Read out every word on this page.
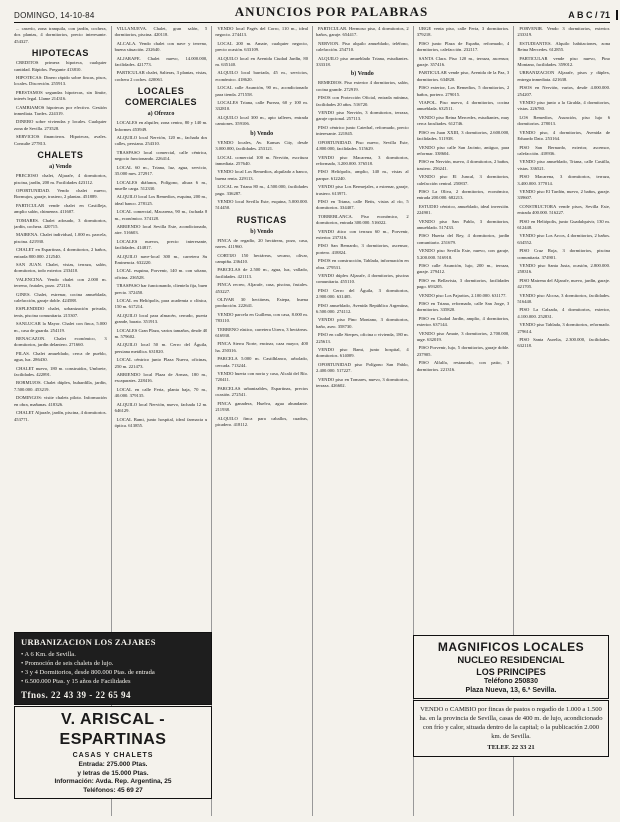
DOMINGO, 14-10-84	ANUNCIOS POR PALABRAS	A B C / 71
... caserío, zona tranquila, con jardín, cochera, dos plantas, 4 dormitorios, precio interesante. 454327.
HIPOTECAS
CREDITOS primera hipoteca, cualquier cantidad. Rápidos. Pregunte 413810.
HIPOTECAS: Dinero rápido sobre fincas, pisos, locales. Discreción. 255913.
PRESTAMOS segundas hipotecas, sin límite, interés legal. Llame 214316.
CAMBIAMOS hipotecas por efectivo. Gestión inmediata. Tardes. 224319.
DINERO sobre viviendas y locales. Cualquier zona de Sevilla. 273528.
SERVICIOS financieros. Hipotecas, avales. Consulte 277813.
CHALETS
a) Vendo
PRECIOSO chalet, Aljarafe, 4 dormitorios, piscina, jardín, 200 m. Facilidades 423112.
OPORTUNIDAD. Vendo chalet nuevo, Bormujos, garaje, trastero, 2 plantas. 451889.
PARTICULAR vende chalet en Castilleja, amplio salón, chimenea. 411607.
TOMARES. Chalet adosado, 3 dormitorios, jardín, cochera. 420715.
MAIRENA. Chalet individual, 1.000 m. parcela, piscina. 421930.
CHALET en Espartinas, 4 dormitorios, 2 baños, entrada 800.000. 212540.
SAN JUAN. Chalet, vistas, terraza, salón, dormitorios, todo exterior. 233410.
VALENCINA. Vendo chalet con 2.000 m. terreno, frutales, pozo. 272116.
GINES. Chalet, estrenar, cocina amueblada, calefacción, garaje doble. 424588.
ESPLENDIDO chalet, urbanización privada, tenis, piscina comunitaria. 215307.
SANLUCAR la Mayor. Chalet con finca, 5.000 m., casa de guarda. 254119.
BENACAZON. Chalet económico, 3 dormitorios, jardín delantero. 271660.
PILAS. Chalet amueblado, cerca de pueblo, agua, luz. 286430.
CHALET nuevo, 180 m. construidos, Umbrete, facilidades. 422891.
BORMUJOS. Chalet dúplex, buhardilla, jardín, 7.500.000. 453219.
DOMINGOS: visite chalets piloto. Información en obra, mañanas. 418326.
CHALET Aljarafe, jardín, piscina, 4 dormitorios. 453771.
VILLANUEVA. Chalet, gran salón, 5 dormitorios, piscina. 420118.
ALCALA. Vendo chalet con nave y terreno, buena situación. 232640.
ALJARAFE. Chalet nuevo, 14.000.000, facilidades. 421773.
PARTICULAR chalet, Salteras, 3 plantas, vistas, cochera 2 coches. 420061.
LOCALES COMERCIALES
a) Ofrezco
LOCALES en alquiler, zona centro, 80 y 140 m. Informes 453949.
ALQUILO local Nervión, 120 m., fachada dos calles, persiana. 254310.
TRASPASO local comercial, calle céntrica, negocio funcionando. 226414.
LOCAL 60 m., Triana, luz, agua, servicio, 35.000 mes. 272917.
LOCALES diáfanos, Polígono, altura 6 m., muelle carga. 512330.
ALQUILO local Los Remedios, esquina, 200 m., ideal banco. 278125.
LOCAL comercial, Macarena, 90 m., fachada 8 m., económico. 374128.
ARRIENDO local Sevilla Este, acondicionado, aire. 516603.
LOCALES nuevos, precio interesante, facilidades. 414817.
ALQUILO nave-local 300 m., carretera Su Eminencia. 632220.
LOCAL esquina, Porvenir, 140 m. con sótano, oficina. 236528.
TRASPASO bar funcionando, clientela fija, buen precio. 372450.
LOCAL en Heliópolis, para academia o clínica, 150 m. 617214.
ALQUILO local para almacén, cerrado, puerta grande, barato. 351913.
LOCALES Gran Plaza, varios tamaños, desde 40 m. 579602.
ALQUILO local 50 m. Cerro del Águila, persiana metálica. 631820.
LOCAL céntrico junto Plaza Nueva, oficinas, 250 m. 221473.
ARRIENDO local Plaza de Armas, 180 m., escaparates. 228416.
LOCAL en calle Feria, planta baja, 70 m., 40.000. 379135.
ALQUILO local Nervión, nuevo, fachada 12 m. 646129.
LOCAL Bami, junto hospital, ideal farmacia u óptica. 613855.
VENDO local Pagés del Corro, 110 m., ideal negocio. 274413.
LOCAL 200 m. Amate, cualquier negocio, precio ocasión. 633109.
ALQUILO local en Avenida Ciudad Jardín, 80 m. 635140.
ALQUILO local barriada, 45 m., servicios, económico. 418620.
LOCAL calle Asunción, 90 m., acondicionado para tienda. 271558.
LOCALES Triana, calle Pureza, 60 y 100 m. 332810.
ALQUILO local 300 m., apto talleres, entrada camiones. 359106.
b) Vendo
VENDO locales, Av. Kansas City, desde 3.000.000, facilidades. 253121.
LOCAL comercial 100 m. Nervión, escritura inmediata. 257640.
VENDO local Los Remedios, alquilado a banco, buena renta. 229113.
LOCAL en Triana 80 m., 4.500.000, facilidades pago. 336287.
VENDO local Sevilla Este, esquina, 5.000.000. 514450.
RUSTICAS
b) Vendo
FINCA de regadío, 20 hectáreas, pozo, casa, naves. 411960.
CORTIJO 150 hectáreas, secano, olivar, campiña. 236410.
PARCELAS de 2.500 m., agua, luz, vallado, facilidades. 421113.
FINCA recreo, Aljarafe, casa, piscina, frutales. 453227.
OLIVAR 30 hectáreas, Estepa, buena producción. 222641.
VENDO parcela en Guillena, con casa, 8.000 m. 783110.
TERRENO rústico, carretera Utrera, 3 hectáreas. 616930.
FINCA Sierra Norte, encinar, caza mayor, 400 ha. 250316.
PARCELA 5.000 m. Castilblanco, arbolado, cercada. 713244.
VENDO huerta con noria y casa, Alcalá del Río. 720411.
PARCELAS urbanizables, Espartinas, precios ocasión. 272541.
FINCA ganadera, Huelva, agua abundante. 211938.
ALQUILO finca para caballos, cuadras, picadero. 418112.
PARTICULAR. Hermoso piso, 4 dormitorios, 2 baños, garaje. 654417.
NERVION. Piso alquilo amueblado, teléfono, calefacción. 254710.
ALQUILO piso amueblado Triana, estudiantes. 333318.
b) Vendo
REMEDIOS. Piso exterior 4 dormitorios, salón, cocina grande. 272919.
PISOS con Protección Oficial, entrada mínima, facilidades 20 años. 516720.
VENDO piso Nervión, 3 dormitorios, terraza, garaje opcional. 257113.
PISO céntrico junto Catedral, reformado, precio interesante. 221845.
OPORTUNIDAD. Piso nuevo, Sevilla Este, 4.800.000, facilidades. 515629.
VENDO piso Macarena, 3 dormitorios, reformado, 3.200.000. 376518.
PISO Heliópolis, amplio, 140 m., vistas al parque. 612240.
VENDO piso Los Bermejales, a estrenar, garaje, trastero. 613971.
PISO en Triana, calle Betis, vistas al río, 5 dormitorios. 334407.
TORREBLANCA. Piso económico, 2 dormitorios, entrada 300.000. 516022.
VENDO ático con terraza 60 m., Porvenir, exterior. 237316.
PISO San Bernardo, 3 dormitorios, ascensor, portero. 418824.
PISOS en construcción, Tablada, información en obra. 279531.
VENDO dúplex Aljarafe, 4 dormitorios, piscina comunitaria. 455110.
PISO Cerro del Águila, 3 dormitorios, 2.900.000. 631405.
PISO amueblado, Avenida República Argentina, 6.500.000. 274112.
VENDO piso Pino Montano, 3 dormitorios, baño, aseo. 358730.
PISO en calle Sierpes, oficina o vivienda, 180 m. 225613.
VENDO piso Bami, junto hospital, 4 dormitorios. 614009.
OPORTUNIDAD piso Polígono San Pablo, 2.400.000. 517227.
VENDO piso en Tomares, nuevo, 3 dormitorios, terraza. 426602.
URGE venta piso, calle Feria, 3 dormitorios. 379218.
PISO junto Plaza de España, reformado, 4 dormitorios, calefacción. 232117.
SANTA Clara. Piso 120 m., terraza, ascensor, garaje. 357416.
PARTICULAR vende piso, Avenida de la Paz, 3 dormitorios. 634820.
PISO exterior, Los Remedios, 5 dormitorios, 2 baños, portero. 279015.
VIAPOL. Piso nuevo, 4 dormitorios, cocina amueblada. 632511.
VENDO piso Reina Mercedes, estudiantes, muy cerca facultades. 612746.
PISO en Juan XXIII, 3 dormitorios, 2.600.000, facilidades. 511938.
VENDO piso calle San Jacinto, antiguo, para reformar. 338604.
PISO en Nervión, nuevo, 4 dormitorios, 2 baños, trastero. 256241.
VENDO piso El Juncal, 3 dormitorios, calefacción central. 250837.
PISO La Oliva, 2 dormitorios, económico, entrada 200.000. 682213.
ESTUDIO céntrico, amueblado, ideal inversión. 224901.
VENDO piso San Pablo, 3 dormitorios, amueblado. 517433.
PISO Huerta del Rey, 4 dormitorios, jardín comunitario. 251679.
VENDO piso Sevilla Este, nuevo, con garaje, 5.200.000. 516918.
PISO calle Asunción, lujo, 200 m., terraza, garaje. 279412.
PISO en Bellavista, 3 dormitorios, facilidades pago. 693205.
VENDO piso Los Pajaritos, 2.100.000. 631177.
PISO en Triana, reformado, calle San Jorge, 3 dormitorios. 335820.
PISO en Ciudad Jardín, amplio, 4 dormitorios, exterior. 637144.
VENDO piso Amate, 3 dormitorios, 2.700.000, urge. 632019.
PISO Porvenir, lujo, 5 dormitorios, garaje doble. 237905.
PISO Alfalfa, restaurado, con patio, 3 dormitorios. 221316.
PORVENIR. Vendo 3 dormitorios, exterior. 233319.
ESTUDIANTES. Alquilo habitaciones, zona Reina Mercedes. 612855.
PARTICULAR vende piso nuevo, Pino Montano, facilidades. 359012.
URBANIZACION Aljarafe, pisos y dúplex, entrega inmediata. 421638.
PISOS en Nervión, varios, desde 4.000.000. 254207.
VENDO piso junto a la Giralda, 4 dormitorios, vistas. 226780.
LOS Remedios, Asunción, piso lujo 6 dormitorios. 278013.
VENDO piso, 4 dormitorios, Avenida de Eduardo Dato. 253164.
PISO San Bernardo, exterior, ascensor, calefacción. 418936.
VENDO piso amueblado, Triana, calle Castilla, vistas. 336521.
PISO Macarena, 3 dormitorios, terraza, 3.400.000. 377014.
VENDO piso El Tardón, nuevo, 2 baños, garaje. 339607.
CONSTRUCTORA vende pisos, Sevilla Este, entrada 400.000. 516227.
PISO en Heliópolis, junto Guadalquivir, 130 m. 612448.
VENDO piso Los Arcos, 4 dormitorios, 2 baños. 634552.
PISO Cruz Roja, 3 dormitorios, piscina comunitaria. 374901.
VENDO piso Santa Justa, ocasión, 2.800.000. 258316.
PISO Mairena del Aljarafe, nuevo, jardín, garaje. 421705.
VENDO piso Alcosa, 3 dormitorios, facilidades. 516440.
PISO La Calzada, 4 dormitorios, exterior, 4.100.000. 252831.
VENDO piso Tablada, 3 dormitorios, reformado. 279614.
PISO Santa Aurelia, 2.300.000, facilidades. 632118.
URBANIZACION LOS ZAJARES
• A 6 Km. de Sevilla.
• Promoción de seis chalets de lujo.
• 3 y 4 Dormitorios, desde 800.000 Ptas. de entrada
• 6.500.000 Ptas. y 15 años de Facilidades
Tfnos. 22 43 39 - 22 65 94
V. ARISCAL - ESPARTINAS
CASAS Y CHALETS
Entrada: 275.000 Ptas.
y letras de 15.000 Ptas.
Información: Avda. Rep. Argentina, 25
Teléfonos: 45 69 27
MAGNIFICOS LOCALES
NUCLEO RESIDENCIAL
LOS PRINCIPES
Teléfono 250830
Plaza Nueva, 13, 6.ª Sevilla.
VENDO o CAMBIO por fincas de pastos o regadío de 1.000 a 1.500 ha. en la provincia de Sevilla, casas de 400 m. de lujo, acondicionado con frío y calor, situada dentro de la capital; o la publicación 2.000 km. de Sevilla.
TELEF. 22 33 21
